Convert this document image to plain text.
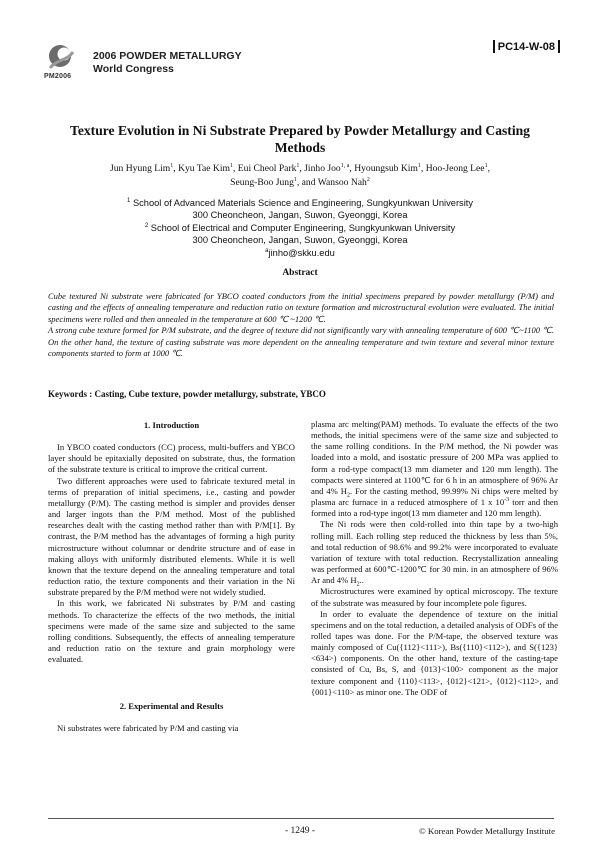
PM2006
2006 POWDER METALLURGY
World Congress
PC14-W-08
Texture Evolution in Ni Substrate Prepared by Powder Metallurgy and Casting
Methods
Jun Hyung Lim$^1$, Kyu Tae Kim$^1$, Eui Cheol Park$^1$, Jinho Joo$^{1, a}$, Hyoungsub Kim$^1$, Hoo-Jeong Lee$^1$,
Seung-Boo Jung$^1$, and Wansoo Nah$^2$
$^1$ School of Advanced Materials Science and Engineering, Sungkyunkwan University
300 Cheoncheon, Jangan, Suwon, Gyeonggi, Korea
$^2$ School of Electrical and Computer Engineering, Sungkyunkwan University
300 Cheoncheon, Jangan, Suwon, Gyeonggi, Korea
$^a$jinho@skku.edu
Abstract

Cube textured Ni substrate were fabricated for YBCO coated conductors from the initial specimens prepared by powder metallurgy (P/M) and casting and the effects of annealing temperature and reduction ratio on texture formation and microstructural evolution were evaluated. The initial specimens were rolled and then annealed in the temperature at 600 ℃ ~1200 ℃.

A strong cube texture formed for P/M substrate, and the degree of texture did not significantly vary with annealing temperature of 600 ℃~1100 ℃. On the other hand, the texture of casting substrate was more dependent on the annealing temperature and twin texture and several minor texture components started to form at 1000 ℃.

Keywords : Casting, Cube texture, powder metallurgy, substrate, YBCO

1. Introduction

In YBCO coated conductors (CC) process, multi-buffers and YBCO layer should be epitaxially deposited on substrate, thus, the formation of the substrate texture is critical to improve the critical current.

Two different approaches were used to fabricate textured metal in terms of preparation of initial specimens, i.e., casting and powder metallurgy (P/M). The casting method is simpler and provides denser and larger ingots than the P/M method. Most of the published researches dealt with the casting method rather than with P/M[1]. By contrast, the P/M method has the advantages of forming a high purity microstructure without columnar or dendrite structure and of ease in making alloys with uniformly distributed elements. While it is well known that the texture depend on the annealing temperature and total reduction ratio, the texture components and their variation in the Ni substrate prepared by the P/M method were not widely studied.

In this work, we fabricated Ni substrates by P/M and casting methods. To characterize the effects of the two methods, the initial specimens were made of the same size and subjected to the same rolling conditions. Subsequently, the effects of annealing temperature and reduction ratio on the texture and grain morphology were evaluated.

2. Experimental and Results

Ni substrates were fabricated by P/M and casting via

plasma arc melting(PAM) methods. To evaluate the effects of the two methods, the initial specimens were of the same size and subjected to the same rolling conditions. In the P/M method, the Ni powder was loaded into a mold, and isostatic pressure of 200 MPa was applied to form a rod-type compact(13 mm diameter and 120 mm length). The compacts were sintered at 1100℃ for 6 h in an atmosphere of 96% Ar and 4% $H_2$. For the casting method, 99.99% Ni chips were melted by plasma arc furnace in a reduced atmosphere of 1 x $10^{-3}$ torr and then formed into a rod-type ingot(13 mm diameter and 120 mm length).

The Ni rods were then cold-rolled into thin tape by a two-high rolling mill. Each rolling step reduced the thickness by less than 5%, and total reduction of 98.6% and 99.2% were incorporated to evaluate variation of texture with total reduction. Recrystallization annealing was performed at 600℃-1200℃ for 30 min. in an atmosphere of 96% Ar and 4% $H_2$..

Microstructures were examined by optical microscopy. The texture of the substrate was measured by four incomplete pole figures.

In order to evaluate the dependence of texture on the initial specimens and on the total reduction, a detailed analysis of ODFs of the rolled tapes was done. For the P/M-tape, the observed texture was mainly composed of Cu({112}<111>), Bs({110}<112>), and S({123}<634>) components. On the other hand, texture of the casting-tape consisted of Cu, Bs, S, and {013}<100> component as the major texture component and {110}<113>, {012}<121>, {012}<112>, and {001}<110> as minor one. The ODF of

- 1249 -	© Korean Powder Metallurgy Institute
